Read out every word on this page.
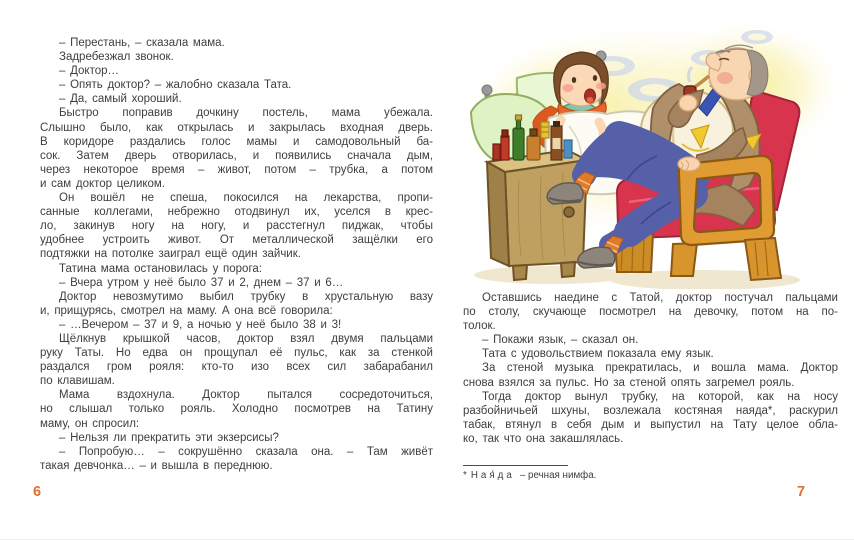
– Перестань, – сказала мама.
Задребезжал звонок.
– Доктор…
– Опять доктор? – жалобно сказала Тата.
– Да, самый хороший.
Быстро поправив дочкину постель, мама убежала.
Слышно было, как открылась и закрылась входная дверь.
В коридоре раздались голос мамы и самодовольный ба-
сок. Затем дверь отворилась, и появились сначала дым,
через некоторое время – живот, потом – трубка, а потом
и сам доктор целиком.
Он вошёл не спеша, покосился на лекарства, пропи-
санные коллегами, небрежно отодвинул их, уселся в крес-
ло, закинув ногу на ногу, и расстегнул пиджак, чтобы
удобнее устроить живот. От металлической защёлки его
подтяжки на потолке заиграл ещё один зайчик.
Татина мама остановилась у порога:
– Вчера утром у неё было 37 и 2, днем – 37 и 6…
Доктор невозмутимо выбил трубку в хрустальную вазу
и, прищурясь, смотрел на маму. А она всё говорила:
– …Вечером – 37 и 9, а ночью у неё было 38 и 3!
Щёлкнув крышкой часов, доктор взял двумя пальцами
руку Таты. Но едва он прощупал её пульс, как за стенкой
раздался гром рояля: кто-то изо всех сил забарабанил
по клавишам.
Мама вздохнула. Доктор пытался сосредоточиться,
но слышал только рояль. Холодно посмотрев на Татину
маму, он спросил:
– Нельзя ли прекратить эти экзерсисы?
– Попробую… – сокрушённо сказала она. – Там живёт
такая девчонка… – и вышла в переднюю.
6
Оставшись наедине с Татой, доктор постучал пальцами
по столу, скучающе посмотрел на девочку, потом на по-
толок.
– Покажи язык, – сказал он.
Тата с удовольствием показала ему язык.
За стеной музыка прекратилась, и вошла мама. Доктор
снова взялся за пульс. Но за стеной опять загремел рояль.
Тогда доктор вынул трубку, на которой, как на носу
разбойничьей шхуны, возлежала костяная наяда*, раскурил
табак, втянул в себя дым и выпустил на Тату целое обла-
ко, так что она закашлялась.
* Ная́да – речная нимфа.
7
